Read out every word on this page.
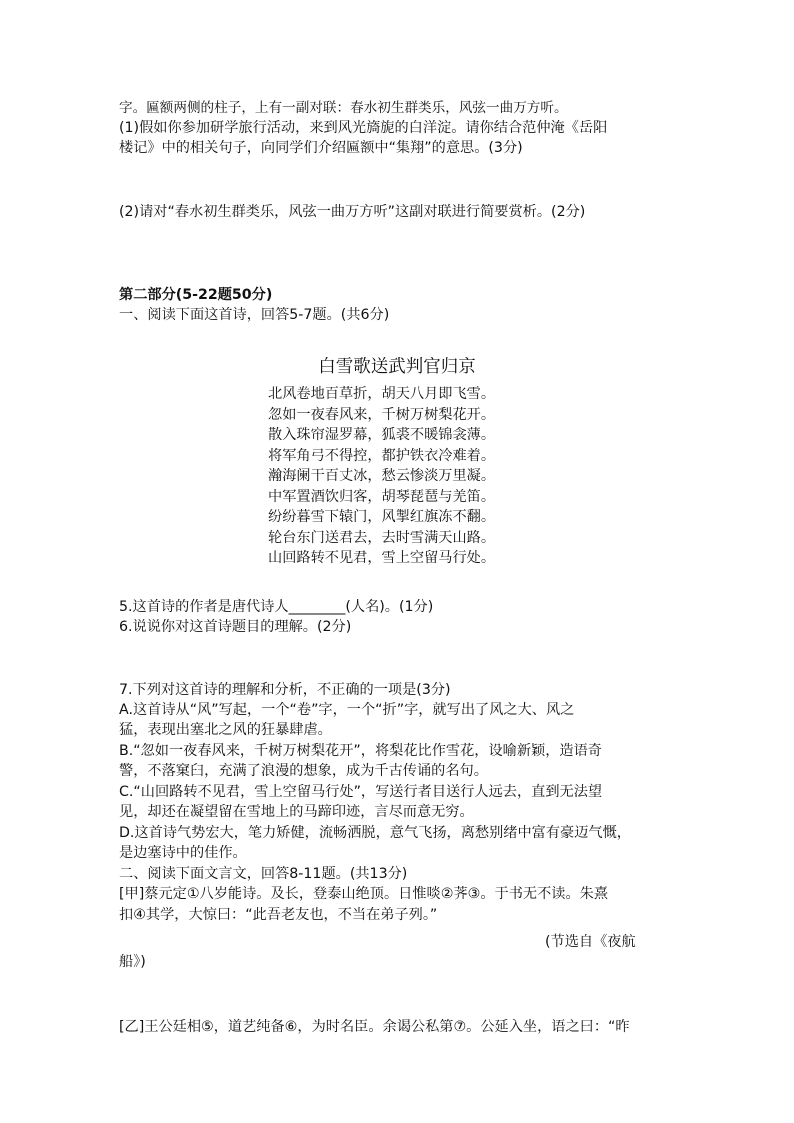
字。匾额两侧的柱子，上有一副对联：春水初生群类乐，风弦一曲万方听。
(1)假如你参加研学旅行活动，来到风光旖旎的白洋淀。请你结合范仲淹《岳阳
楼记》中的相关句子，向同学们介绍匾额中“集翔”的意思。(3分)
(2)请对“春水初生群类乐，风弦一曲万方听”这副对联进行简要赏析。(2分)
第二部分(5-22题50分)
一、阅读下面这首诗，回答5-7题。(共6分)
白雪歌送武判官归京
北风卷地百草折，胡天八月即飞雪。
忽如一夜春风来，千树万树梨花开。
散入珠帘湿罗幕，狐裘不暖锦衾薄。
将军角弓不得控，都护铁衣冷难着。
瀚海阑干百丈冰，愁云惨淡万里凝。
中军置酒饮归客，胡琴琵琶与羌笛。
纷纷暮雪下辕门，风掣红旗冻不翻。
轮台东门送君去，去时雪满天山路。
山回路转不见君，雪上空留马行处。
5.这首诗的作者是唐代诗人________(人名)。(1分)
6.说说你对这首诗题目的理解。(2分)
7.下列对这首诗的理解和分析，不正确的一项是(3分)
A.这首诗从“风”写起，一个“卷”字，一个“折”字，就写出了风之大、风之
猛，表现出塞北之风的狂暴肆虐。
B.“忽如一夜春风来，千树万树梨花开”，将梨花比作雪花，设喻新颖，造语奇
警，不落窠臼，充满了浪漫的想象，成为千古传诵的名句。
C.“山回路转不见君，雪上空留马行处”，写送行者目送行人远去，直到无法望
见，却还在凝望留在雪地上的马蹄印迹，言尽而意无穷。
D.这首诗气势宏大，笔力矫健，流畅洒脱，意气飞扬，离愁别绪中富有豪迈气慨，
是边塞诗中的佳作。
二、阅读下面文言文，回答8-11题。(共13分)
[甲]蔡元定①八岁能诗。及长，登泰山绝顶。日惟啖②荠③。于书无不读。朱熹
扣④其学，大惊曰：“此吾老友也，不当在弟子列。”
(节选自《夜航
船》)
[乙]王公廷相⑤，道艺纯备⑥，为时名臣。余谒公私第⑦。公延入坐，语之曰：“昨
